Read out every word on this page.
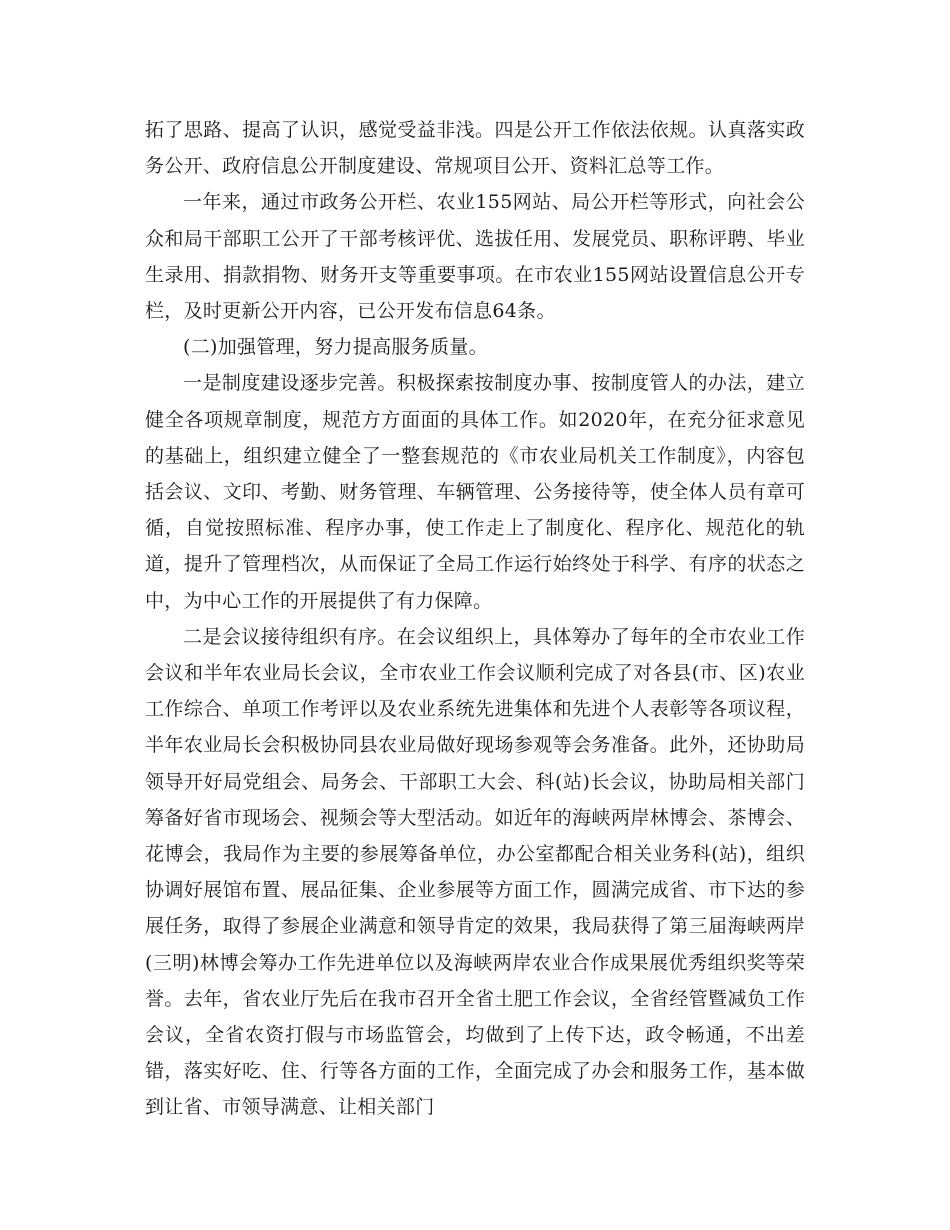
拓了思路、提高了认识，感觉受益非浅。四是公开工作依法依规。认真落实政务公开、政府信息公开制度建设、常规项目公开、资料汇总等工作。

一年来，通过市政务公开栏、农业155网站、局公开栏等形式，向社会公众和局干部职工公开了干部考核评优、选拔任用、发展党员、职称评聘、毕业生录用、捐款捐物、财务开支等重要事项。在市农业155网站设置信息公开专栏，及时更新公开内容，已公开发布信息64条。

(二)加强管理，努力提高服务质量。

一是制度建设逐步完善。积极探索按制度办事、按制度管人的办法，建立健全各项规章制度，规范方方面面的具体工作。如2020年，在充分征求意见的基础上，组织建立健全了一整套规范的《市农业局机关工作制度》，内容包括会议、文印、考勤、财务管理、车辆管理、公务接待等，使全体人员有章可循，自觉按照标准、程序办事，使工作走上了制度化、程序化、规范化的轨道，提升了管理档次，从而保证了全局工作运行始终处于科学、有序的状态之中，为中心工作的开展提供了有力保障。

二是会议接待组织有序。在会议组织上，具体筹办了每年的全市农业工作会议和半年农业局长会议，全市农业工作会议顺利完成了对各县(市、区)农业工作综合、单项工作考评以及农业系统先进集体和先进个人表彰等各项议程，半年农业局长会积极协同县农业局做好现场参观等会务准备。此外，还协助局领导开好局党组会、局务会、干部职工大会、科(站)长会议，协助局相关部门筹备好省市现场会、视频会等大型活动。如近年的海峡两岸林博会、茶博会、花博会，我局作为主要的参展筹备单位，办公室都配合相关业务科(站)，组织协调好展馆布置、展品征集、企业参展等方面工作，圆满完成省、市下达的参展任务，取得了参展企业满意和领导肯定的效果，我局获得了第三届海峡两岸(三明)林博会筹办工作先进单位以及海峡两岸农业合作成果展优秀组织奖等荣誉。去年，省农业厅先后在我市召开全省土肥工作会议，全省经管暨减负工作会议，全省农资打假与市场监管会，均做到了上传下达，政令畅通，不出差错，落实好吃、住、行等各方面的工作，全面完成了办会和服务工作，基本做到让省、市领导满意、让相关部门
